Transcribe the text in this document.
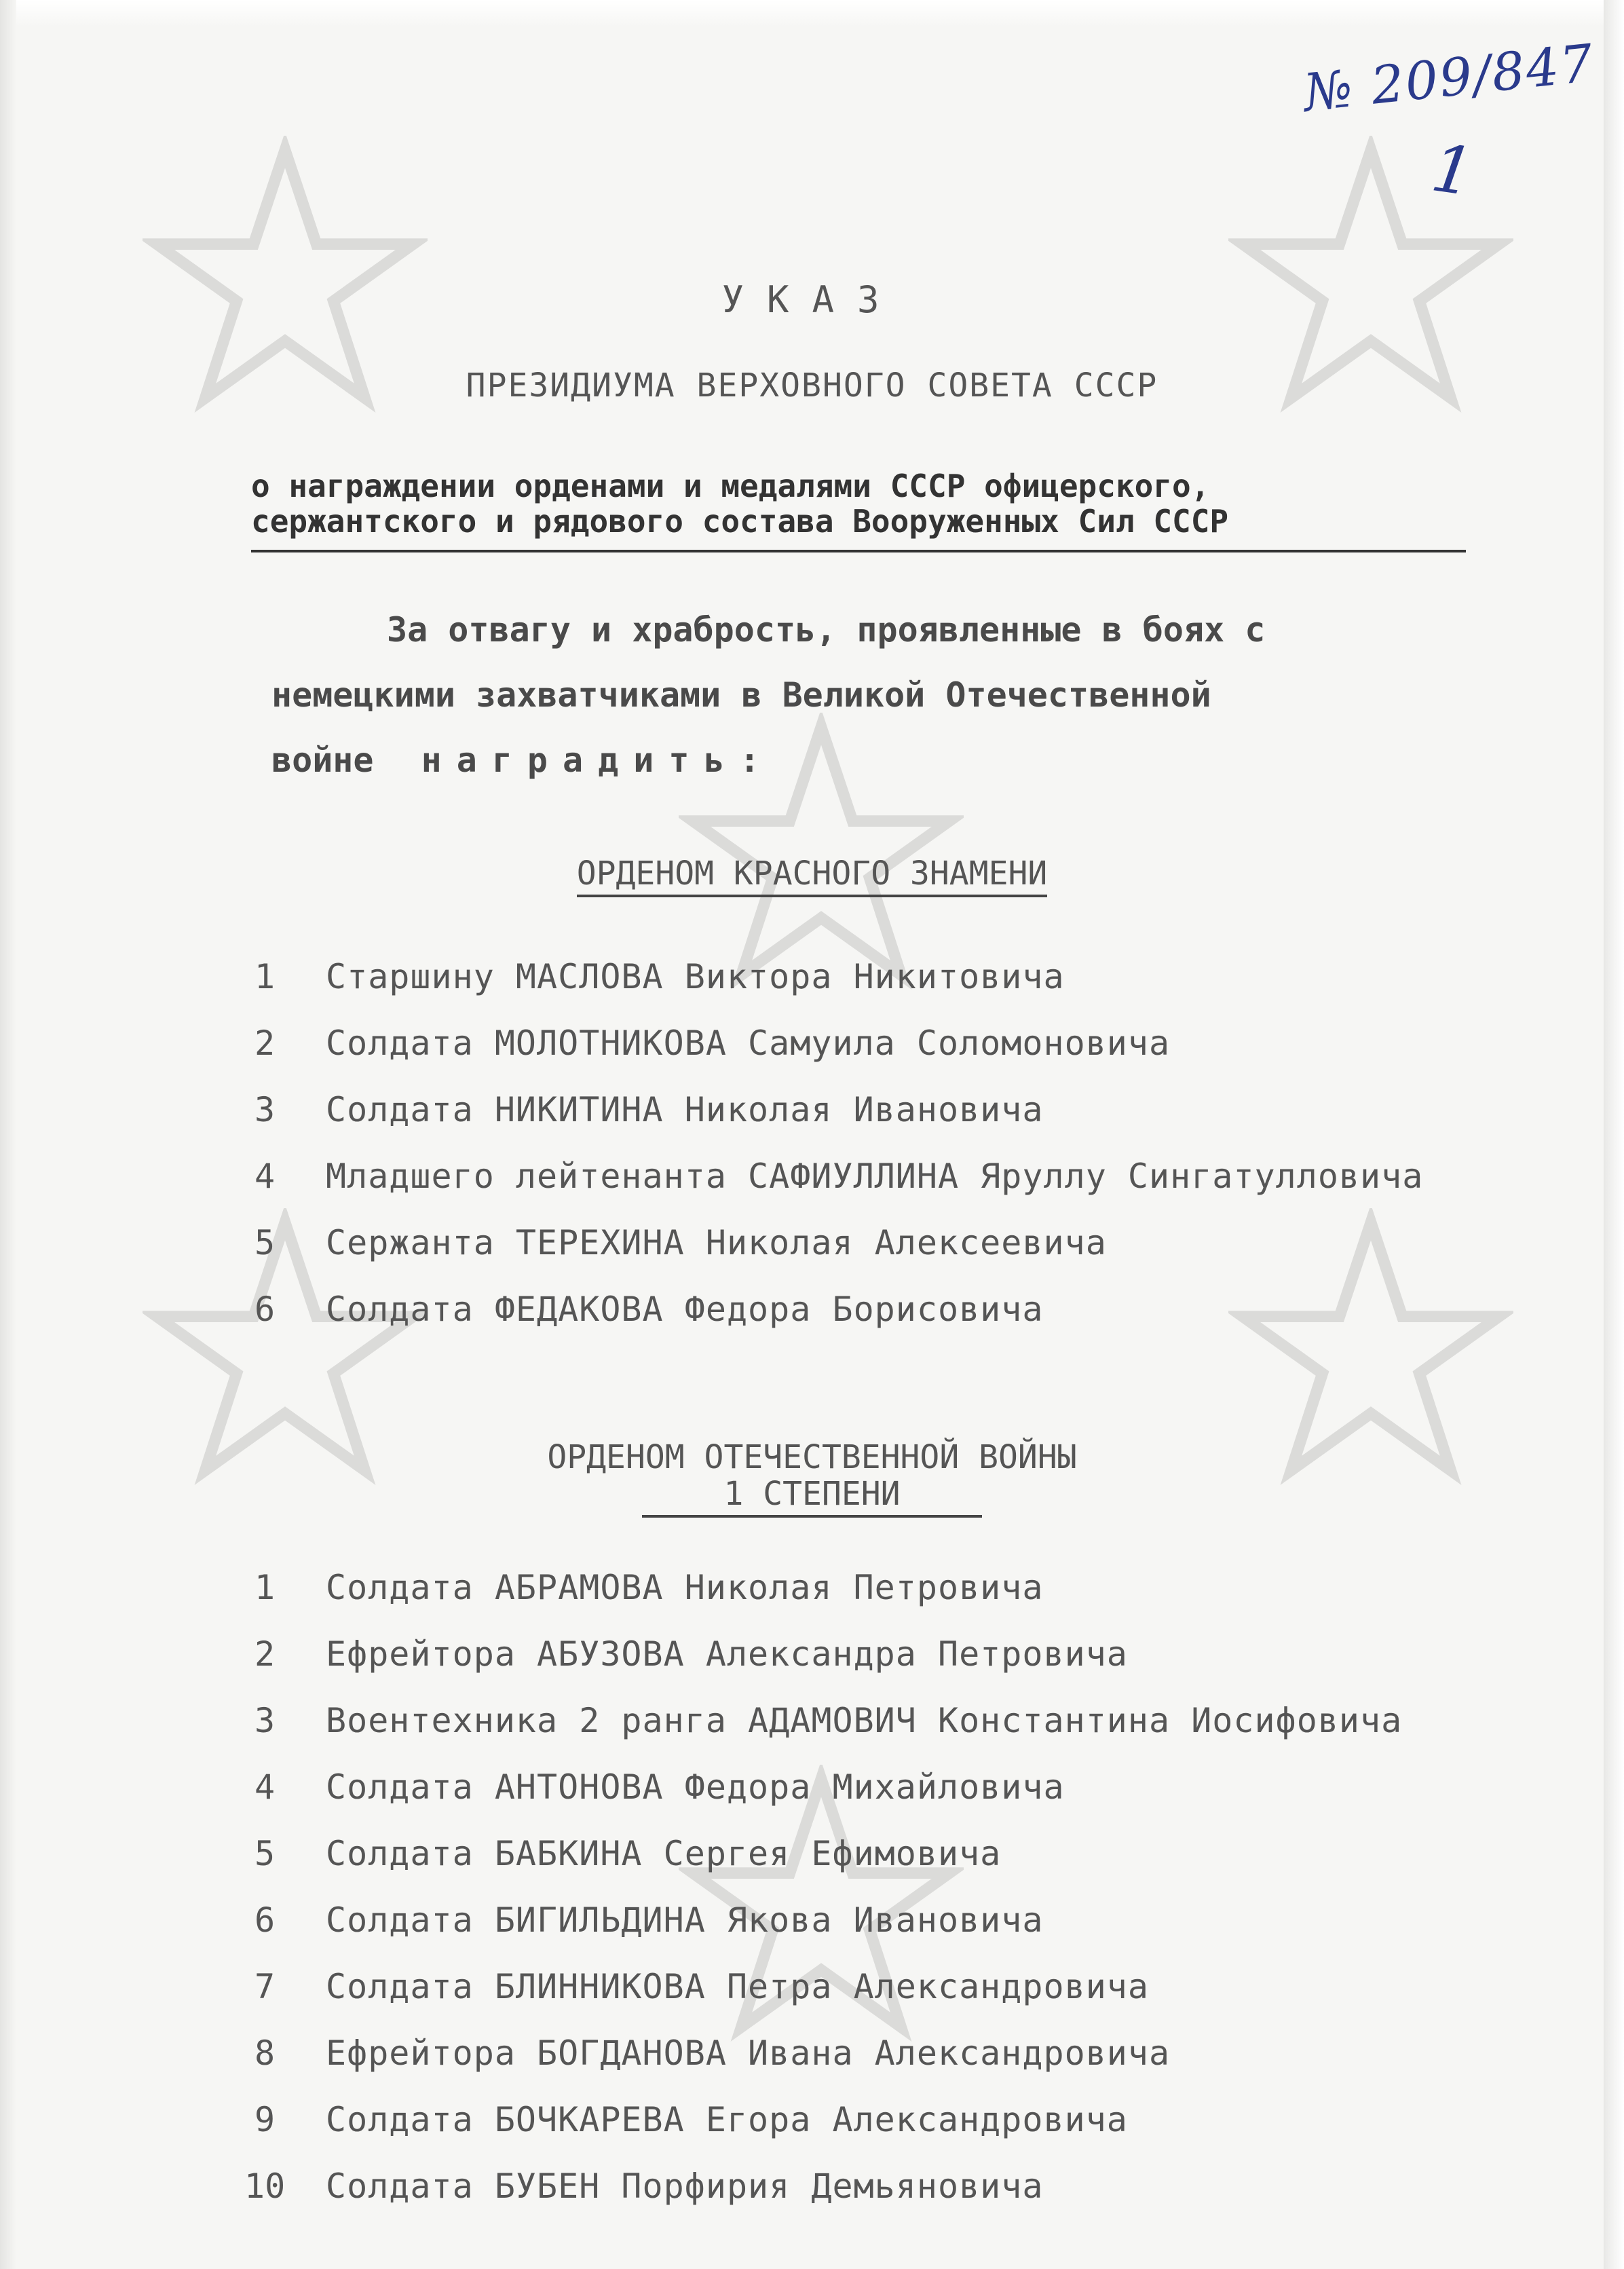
№ 209/847
1
УКАЗ
ПРЕЗИДИУМА ВЕРХОВНОГО СОВЕТА СССР
о награждении орденами и медалями СССР офицерского,
сержантского и рядового состава Вооруженных Сил СССР
За отвагу и храбрость, проявленные в боях с
немецкими захватчиками в Великой Отечественной
войне наградить:
ОРДЕНОМ КРАСНОГО ЗНАМЕНИ
1 Старшину МАСЛОВА Виктора Никитовича
2 Солдата МОЛОТНИКОВА Самуила Соломоновича
3 Солдата НИКИТИНА Николая Ивановича
4 Младшего лейтенанта САФИУЛЛИНА Яруллу Сингатулловича
5 Сержанта ТЕРЕХИНА Николая Алексеевича
6 Солдата ФЕДАКОВА Федора Борисовича
ОРДЕНОМ ОТЕЧЕСТВЕННОЙ ВОЙНЫ
1 СТЕПЕНИ
1 Солдата АБРАМОВА Николая Петровича
2 Ефрейтора АБУЗОВА Александра Петровича
3 Воентехника 2 ранга АДАМОВИЧ Константина Иосифовича
4 Солдата АНТОНОВА Федора Михайловича
5 Солдата БАБКИНА Сергея Ефимовича
6 Солдата БИГИЛЬДИНА Якова Ивановича
7 Солдата БЛИННИКОВА Петра Александровича
8 Ефрейтора БОГДАНОВА Ивана Александровича
9 Солдата БОЧКАРЕВА Егора Александровича
10 Солдата БУБЕН Порфирия Демьяновича
